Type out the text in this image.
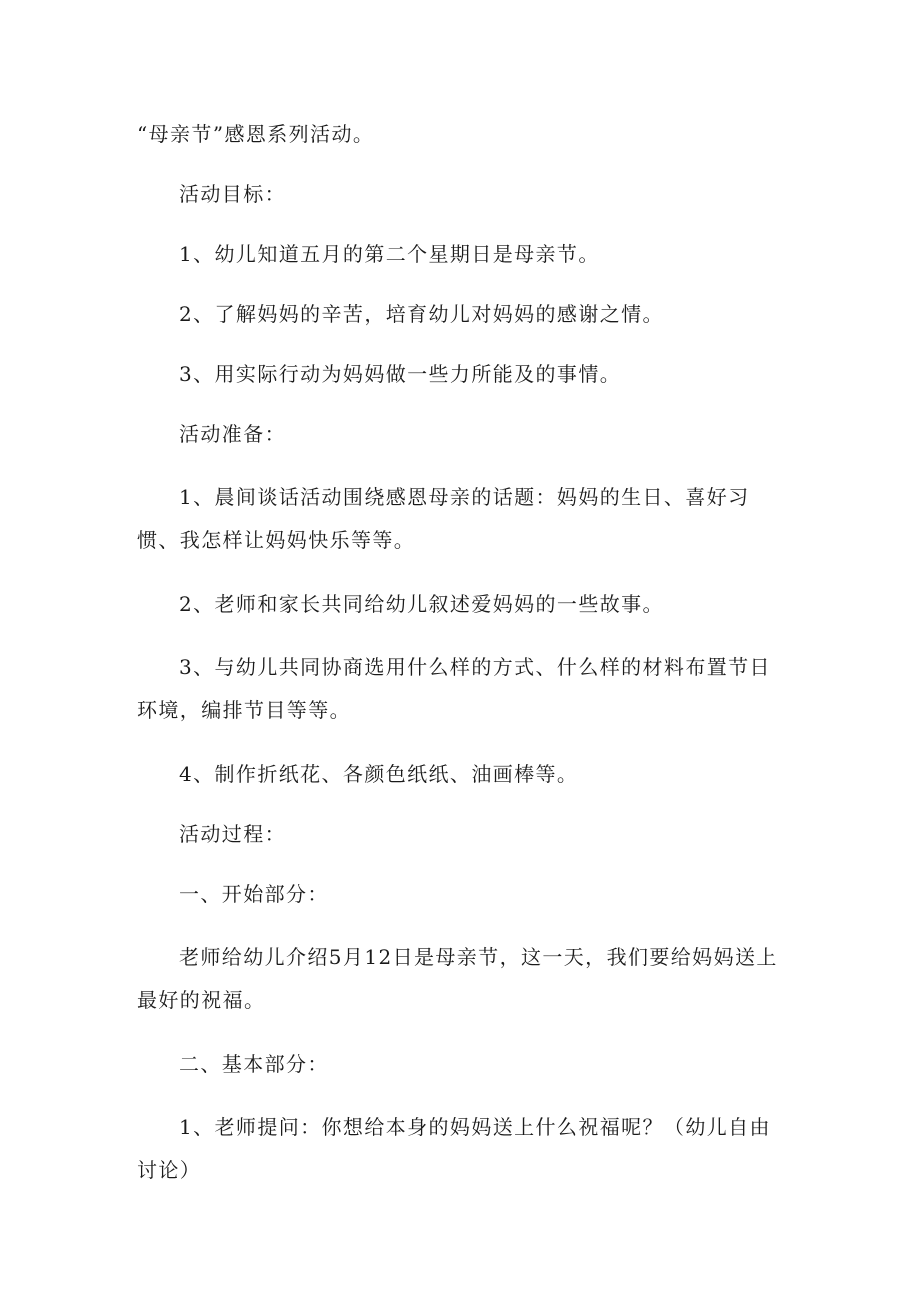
“母亲节”感恩系列活动。
活动目标：
1、幼儿知道五月的第二个星期日是母亲节。
2、了解妈妈的辛苦，培育幼儿对妈妈的感谢之情。
3、用实际行动为妈妈做一些力所能及的事情。
活动准备：
1、晨间谈话活动围绕感恩母亲的话题：妈妈的生日、喜好习惯、我怎样让妈妈快乐等等。
2、老师和家长共同给幼儿叙述爱妈妈的一些故事。
3、与幼儿共同协商选用什么样的方式、什么样的材料布置节日环境，编排节目等等。
4、制作折纸花、各颜色纸纸、油画棒等。
活动过程：
一、开始部分：
老师给幼儿介绍5月12日是母亲节，这一天，我们要给妈妈送上最好的祝福。
二、基本部分：
1、老师提问：你想给本身的妈妈送上什么祝福呢？（幼儿自由讨论）
